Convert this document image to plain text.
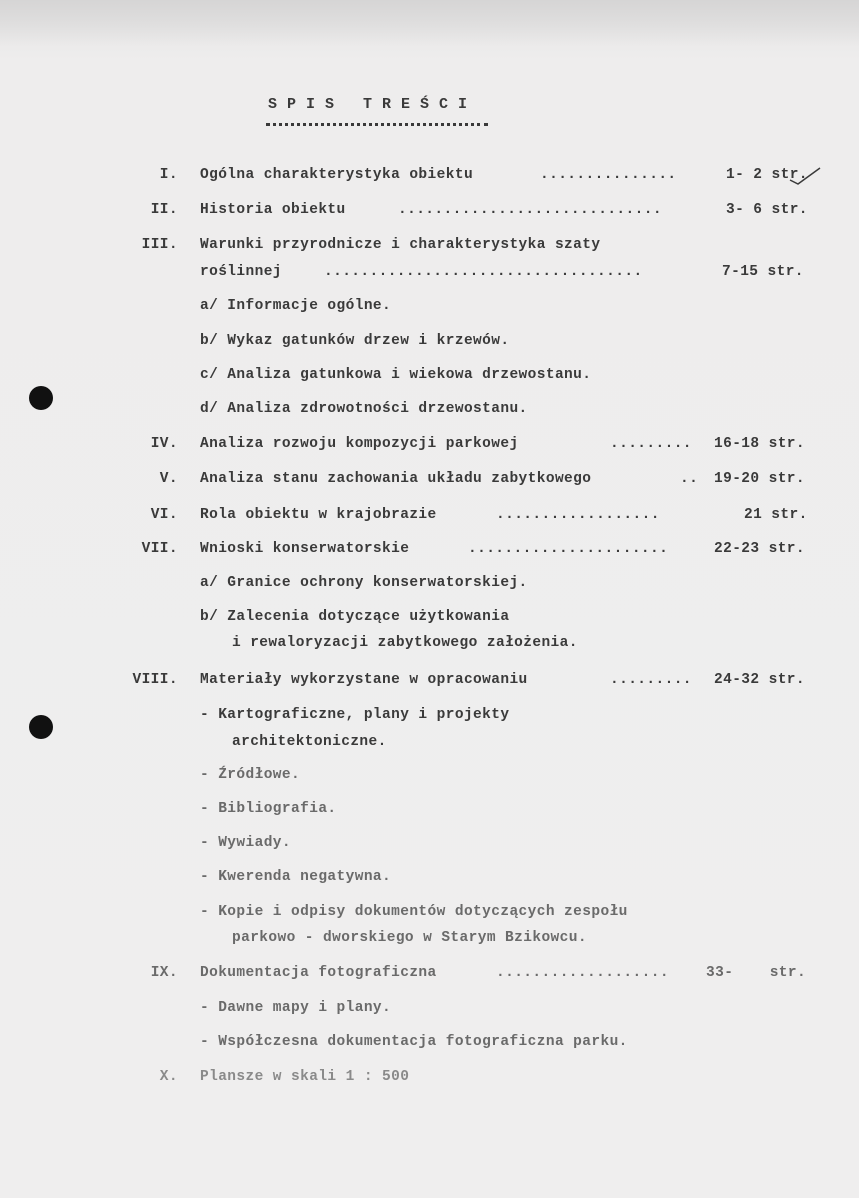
SPIS TREŚCI
I. Ogólna charakterystyka obiektu	...............	1- 2 str.
II. Historia obiektu	.............................	3- 6 str.
III. Warunki przyrodnicze i charakterystyka szaty
roślinnej	...................................	7-15 str.
a/ Informacje ogólne.
b/ Wykaz gatunków drzew i krzewów.
c/ Analiza gatunkowa i wiekowa drzewostanu.
d/ Analiza zdrowotności drzewostanu.
IV. Analiza rozwoju kompozycji parkowej	......... 16-18 str.
V. Analiza stanu zachowania układu zabytkowego	.. 19-20 str.
VI. Rola obiektu w krajobrazie	..................	21 str.
VII. Wnioski konserwatorskie	......................	22-23 str.
a/ Granice ochrony konserwatorskiej.
b/ Zalecenia dotyczące użytkowania
i rewaloryzacji zabytkowego założenia.
VIII. Materiały wykorzystane w opracowaniu	......... 24-32 str.
- Kartograficzne, plany i projekty
architektoniczne.
- Źródłowe.
- Bibliografia.
- Wywiady.
- Kwerenda negatywna.
- Kopie i odpisy dokumentów dotyczących zespołu
parkowo - dworskiego w Starym Bzikowcu.
IX. Dokumentacja fotograficzna	...................	33-    str.
- Dawne mapy i plany.
- Współczesna dokumentacja fotograficzna parku.
X. Plansze w skali 1 : 500
